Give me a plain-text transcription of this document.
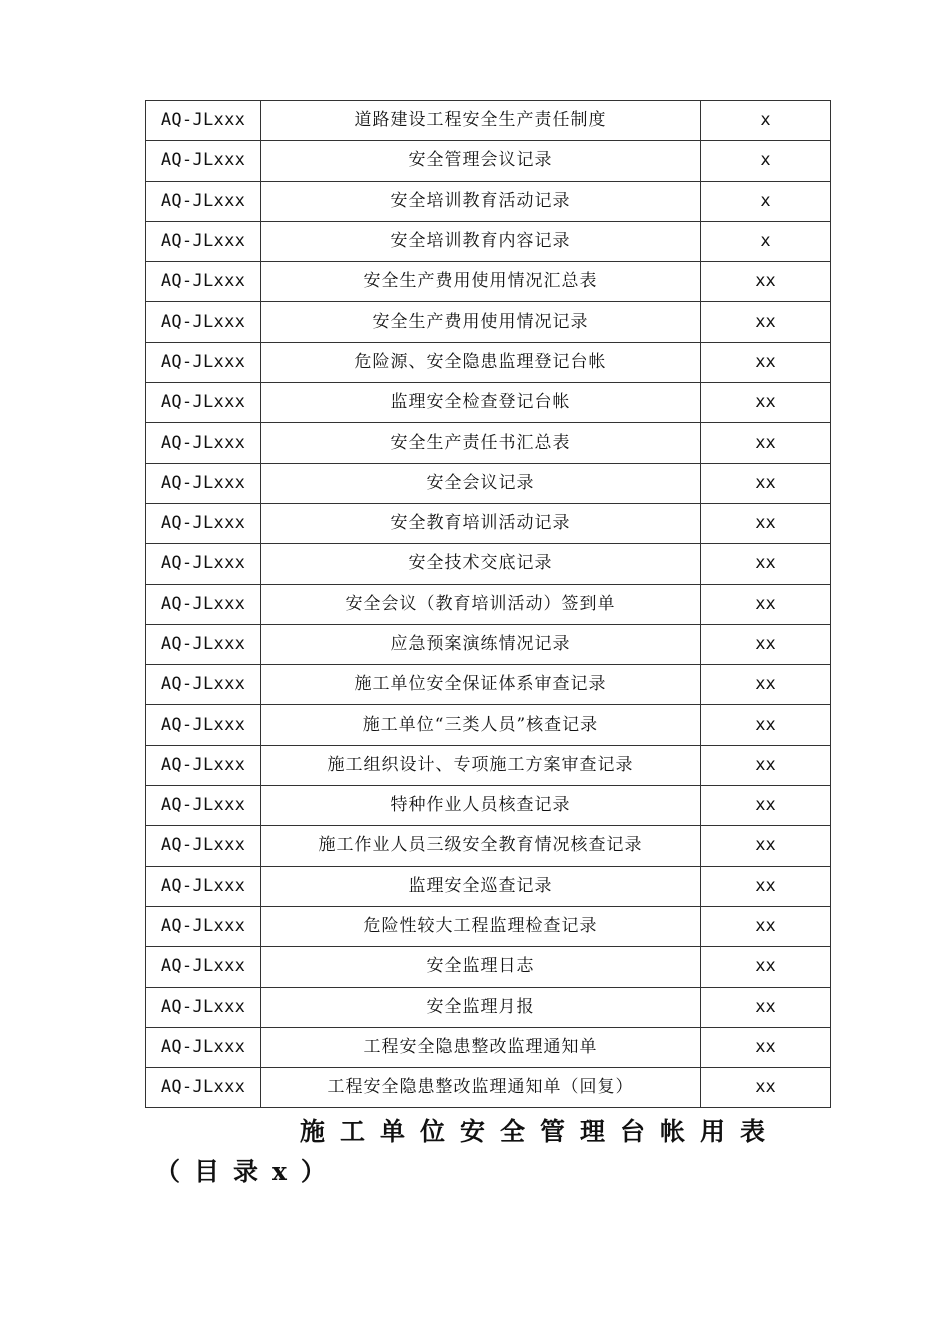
AQ-JLxxx	道路建设工程安全生产责任制度	x
AQ-JLxxx	安全管理会议记录	x
AQ-JLxxx	安全培训教育活动记录	x
AQ-JLxxx	安全培训教育内容记录	x
AQ-JLxxx	安全生产费用使用情况汇总表	xx
AQ-JLxxx	安全生产费用使用情况记录	xx
AQ-JLxxx	危险源、安全隐患监理登记台帐	xx
AQ-JLxxx	监理安全检查登记台帐	xx
AQ-JLxxx	安全生产责任书汇总表	xx
AQ-JLxxx	安全会议记录	xx
AQ-JLxxx	安全教育培训活动记录	xx
AQ-JLxxx	安全技术交底记录	xx
AQ-JLxxx	安全会议（教育培训活动）签到单	xx
AQ-JLxxx	应急预案演练情况记录	xx
AQ-JLxxx	施工单位安全保证体系审查记录	xx
AQ-JLxxx	施工单位“三类人员”核查记录	xx
AQ-JLxxx	施工组织设计、专项施工方案审查记录	xx
AQ-JLxxx	特种作业人员核查记录	xx
AQ-JLxxx	施工作业人员三级安全教育情况核查记录	xx
AQ-JLxxx	监理安全巡查记录	xx
AQ-JLxxx	危险性较大工程监理检查记录	xx
AQ-JLxxx	安全监理日志	xx
AQ-JLxxx	安全监理月报	xx
AQ-JLxxx	工程安全隐患整改监理通知单	xx
AQ-JLxxx	工程安全隐患整改监理通知单（回复）	xx
施工单位安全管理台帐用表
（目录x）
